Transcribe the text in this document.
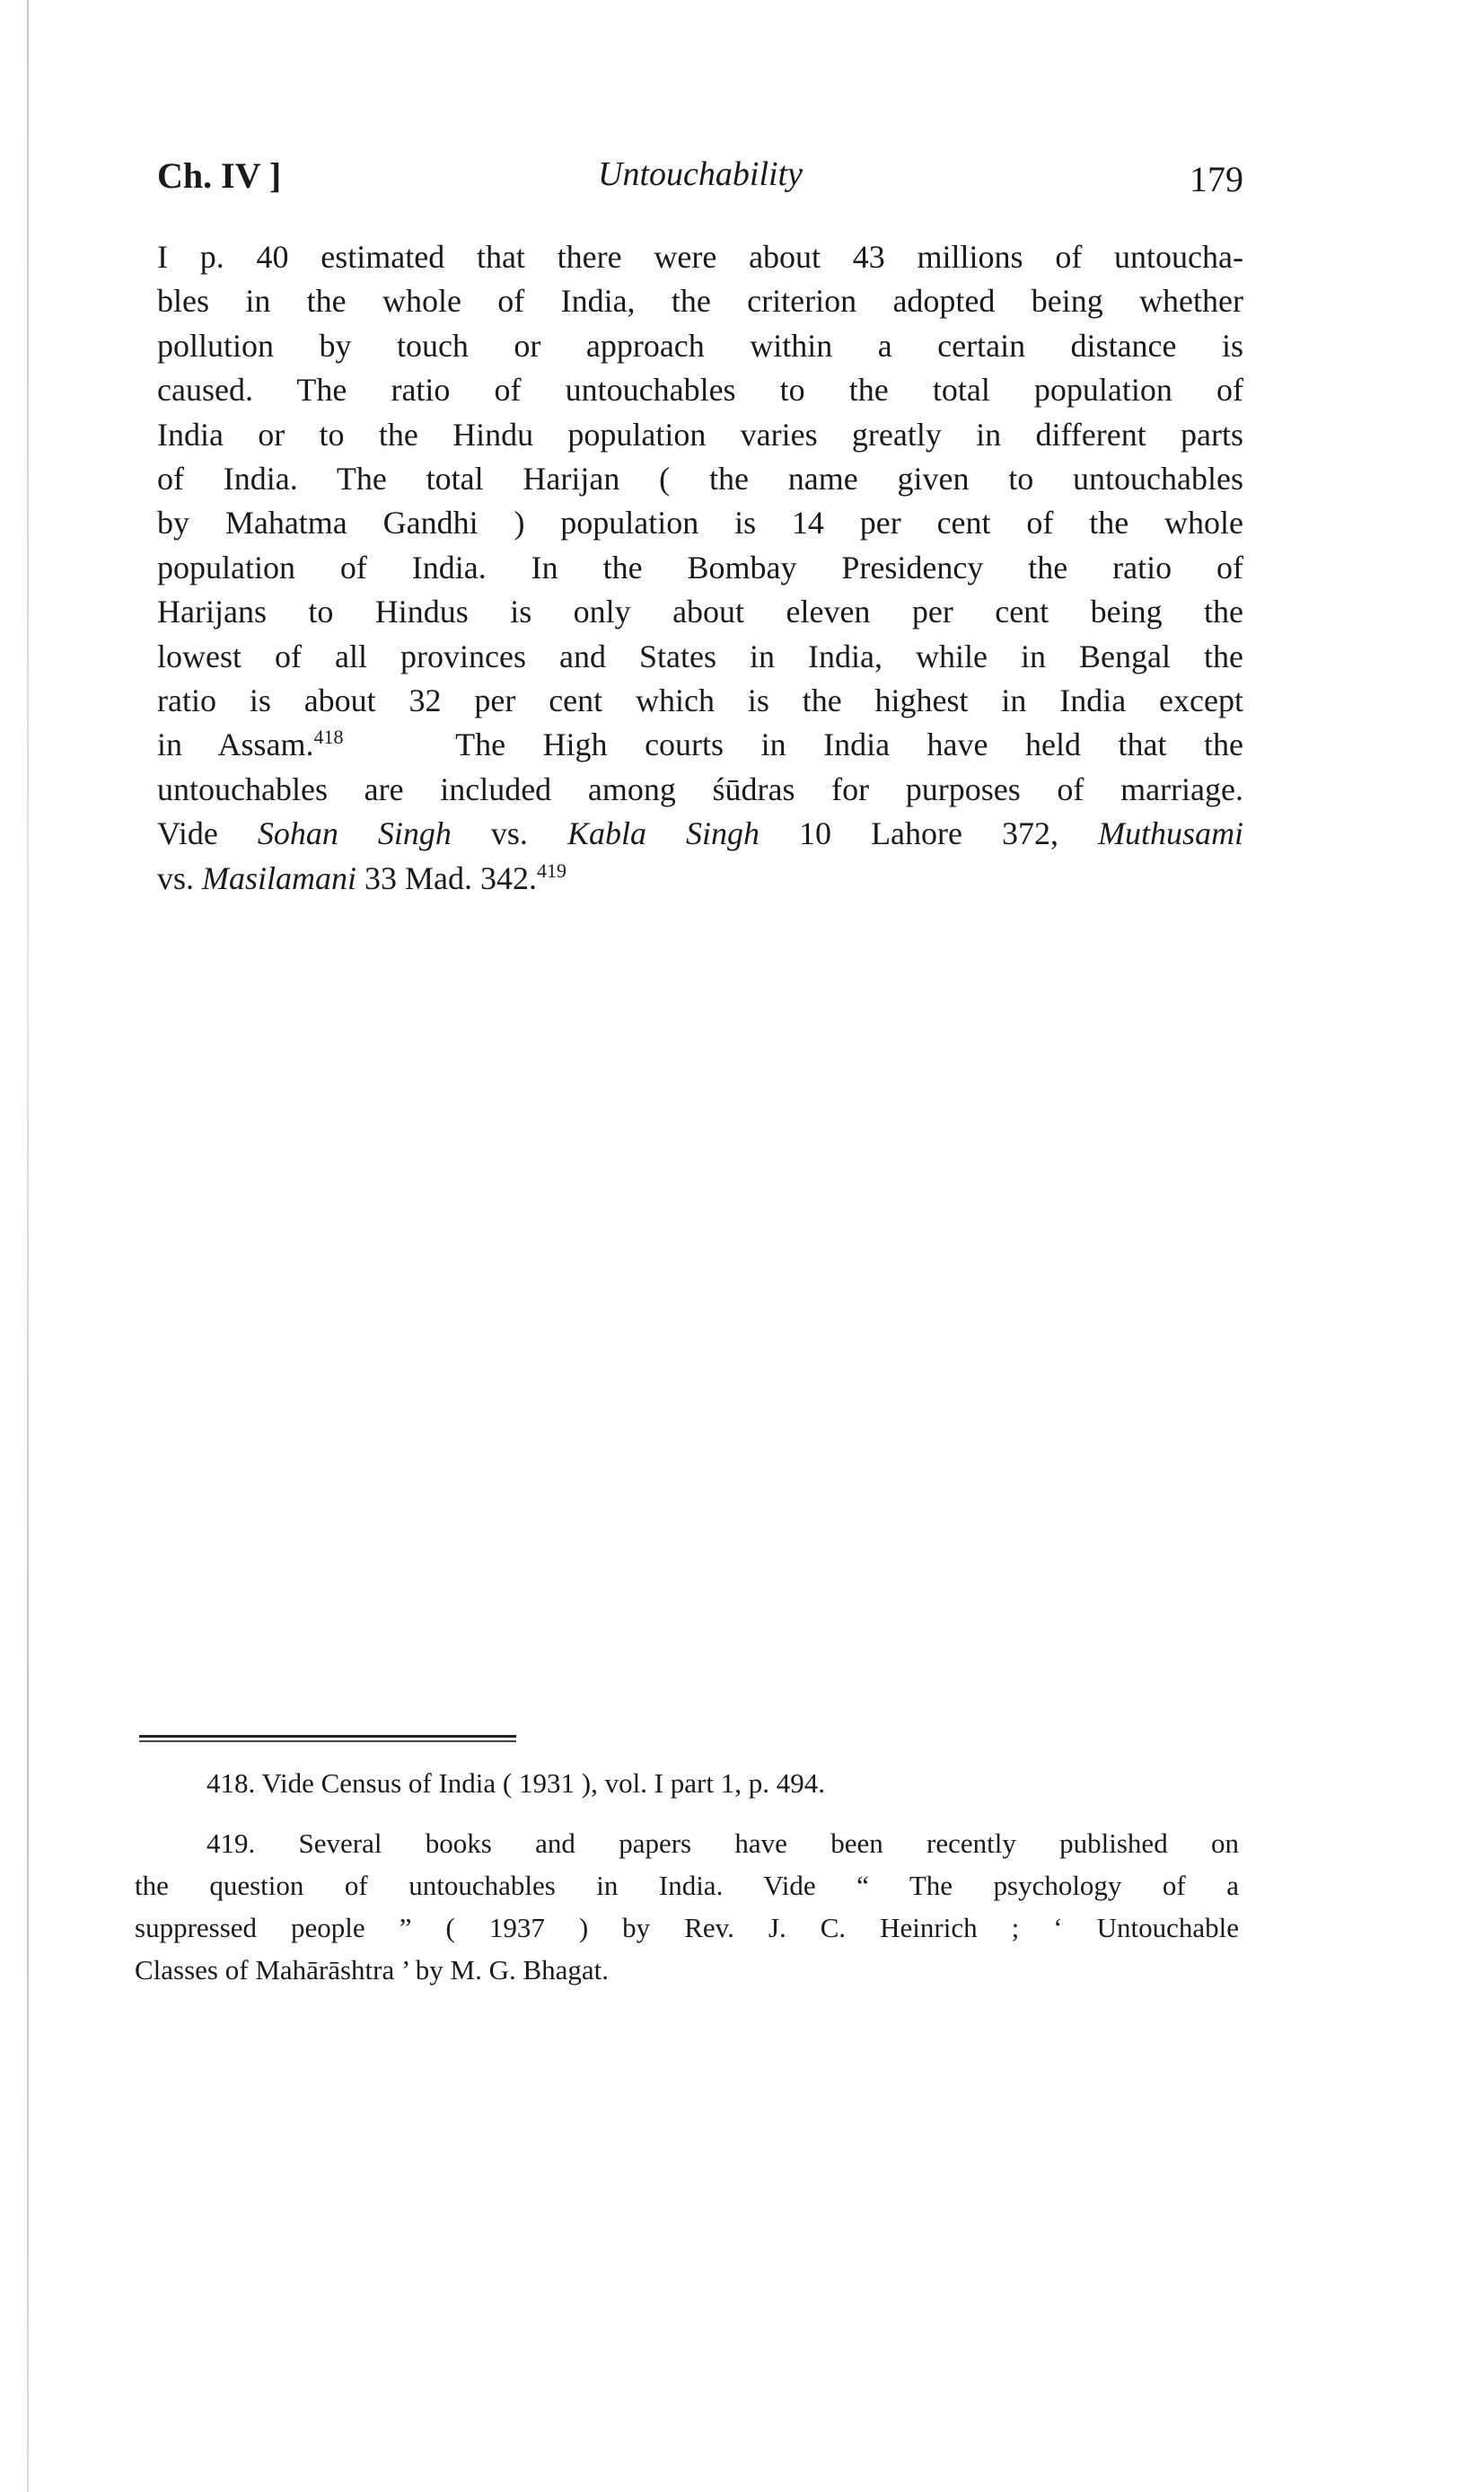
Ch. IV ]	Untouchability	179
I p. 40 estimated that there were about 43 millions of untoucha-
bles in the whole of India, the criterion adopted being whether
pollution by touch or approach within a certain distance is
caused. The ratio of untouchables to the total population of
India or to the Hindu population varies greatly in different parts
of India. The total Harijan ( the name given to untouchables
by Mahatma Gandhi ) population is 14 per cent of the whole
population of India. In the Bombay Presidency the ratio of
Harijans to Hindus is only about eleven per cent being the
lowest of all provinces and States in India, while in Bengal the
ratio is about 32 per cent which is the highest in India except
in Assam.$^{418}$	The High courts in India have held that the
untouchables are included among śūdras for purposes of marriage.
Vide Sohan Singh vs. Kabla Singh 10 Lahore 372, Muthusami
vs. Masilamani 33 Mad. 342.$^{419}$
418. Vide Census of India ( 1931 ), vol. I part 1, p. 494.
419. Several books and papers have been recently published on
the question of untouchables in India. Vide “ The psychology of a
suppressed people ” ( 1937 ) by Rev. J. C. Heinrich ; ‘ Untouchable
Classes of Mahārāshtra ’ by M. G. Bhagat.
